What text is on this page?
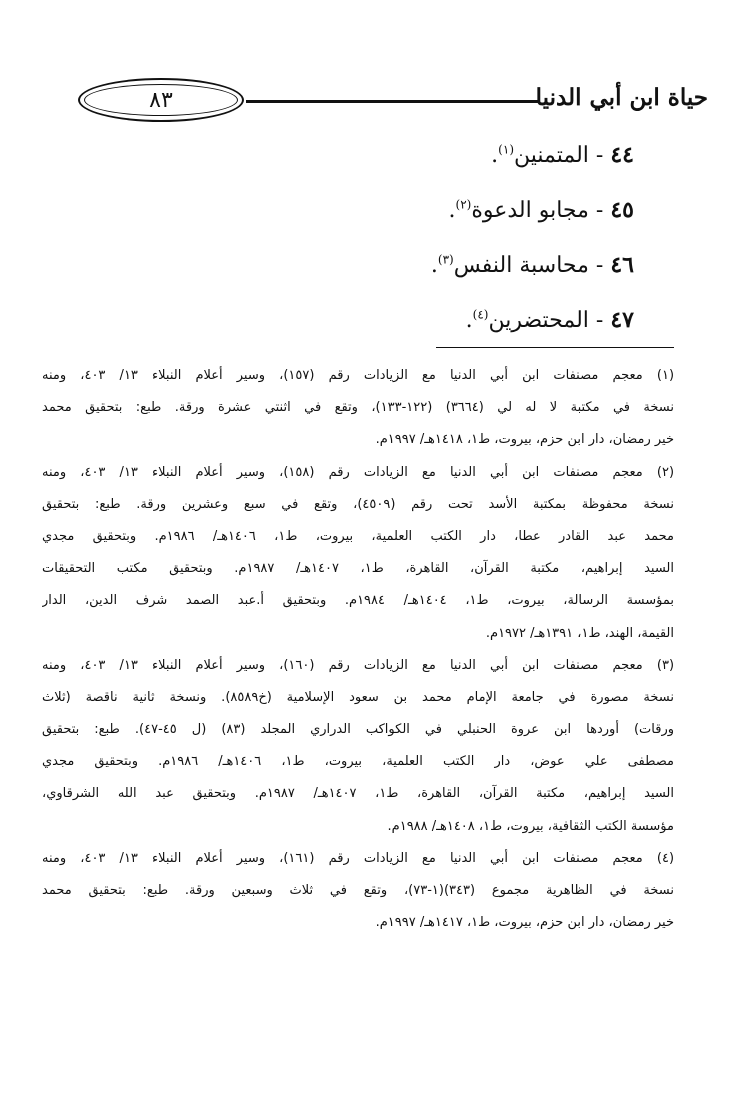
حياة ابن أبي الدنيا
٨٣
٤٤ ‑ المتمنين$^{(١)}$.
٤٥ ‑ مجابو الدعوة$^{(٢)}$.
٤٦ ‑ محاسبة النفس$^{(٣)}$.
٤٧ ‑ المحتضرين$^{(٤)}$.
(١) معجم مصنفات ابن أبي الدنيا مع الزيادات رقم (١٥٧)، وسير أعلام النبلاء ١٣/ ٤٠٣، ومنه
نسخة في مكتبة لا له لي (٣٦٦٤) (١٢٢-١٣٣)، وتقع في اثنتي عشرة ورقة. طبع: بتحقيق محمد
خير رمضان، دار ابن حزم، بيروت، ط١، ١٤١٨هـ/ ١٩٩٧م.
(٢) معجم مصنفات ابن أبي الدنيا مع الزيادات رقم (١٥٨)، وسير أعلام النبلاء ١٣/ ٤٠٣، ومنه
نسخة محفوظة بمكتبة الأسد تحت رقم (٤٥٠٩)، وتقع في سبع وعشرين ورقة. طبع: بتحقيق
محمد عبد القادر عطا، دار الكتب العلمية، بيروت، ط١، ١٤٠٦هـ/ ١٩٨٦م. وبتحقيق مجدي
السيد إبراهيم، مكتبة القرآن، القاهرة، ط١، ١٤٠٧هـ/ ١٩٨٧م. وبتحقيق مكتب التحقيقات
بمؤسسة الرسالة، بيروت، ط١، ١٤٠٤هـ/ ١٩٨٤م. وبتحقيق أ.عبد الصمد شرف الدين، الدار
القيمة، الهند، ط١، ١٣٩١هـ/ ١٩٧٢م.
(٣) معجم مصنفات ابن أبي الدنيا مع الزيادات رقم (١٦٠)، وسير أعلام النبلاء ١٣/ ٤٠٣، ومنه
نسخة مصورة في جامعة الإمام محمد بن سعود الإسلامية (خ٨٥٨٩). ونسخة ثانية ناقصة (ثلاث
ورقات) أوردها ابن عروة الحنبلي في الكواكب الدراري المجلد (٨٣) (ل ٤٥-٤٧). طبع: بتحقيق
مصطفى علي عوض، دار الكتب العلمية، بيروت، ط١، ١٤٠٦هـ/ ١٩٨٦م. وبتحقيق مجدي
السيد إبراهيم، مكتبة القرآن، القاهرة، ط١، ١٤٠٧هـ/ ١٩٨٧م. وبتحقيق عبد الله الشرقاوي،
مؤسسة الكتب الثقافية، بيروت، ط١، ١٤٠٨هـ/ ١٩٨٨م.
(٤) معجم مصنفات ابن أبي الدنيا مع الزيادات رقم (١٦١)، وسير أعلام النبلاء ١٣/ ٤٠٣، ومنه
نسخة في الظاهرية مجموع (٣٤٣)(١-٧٣)، وتقع في ثلاث وسبعين ورقة. طبع: بتحقيق محمد
خير رمضان، دار ابن حزم، بيروت، ط١، ١٤١٧هـ/ ١٩٩٧م.
